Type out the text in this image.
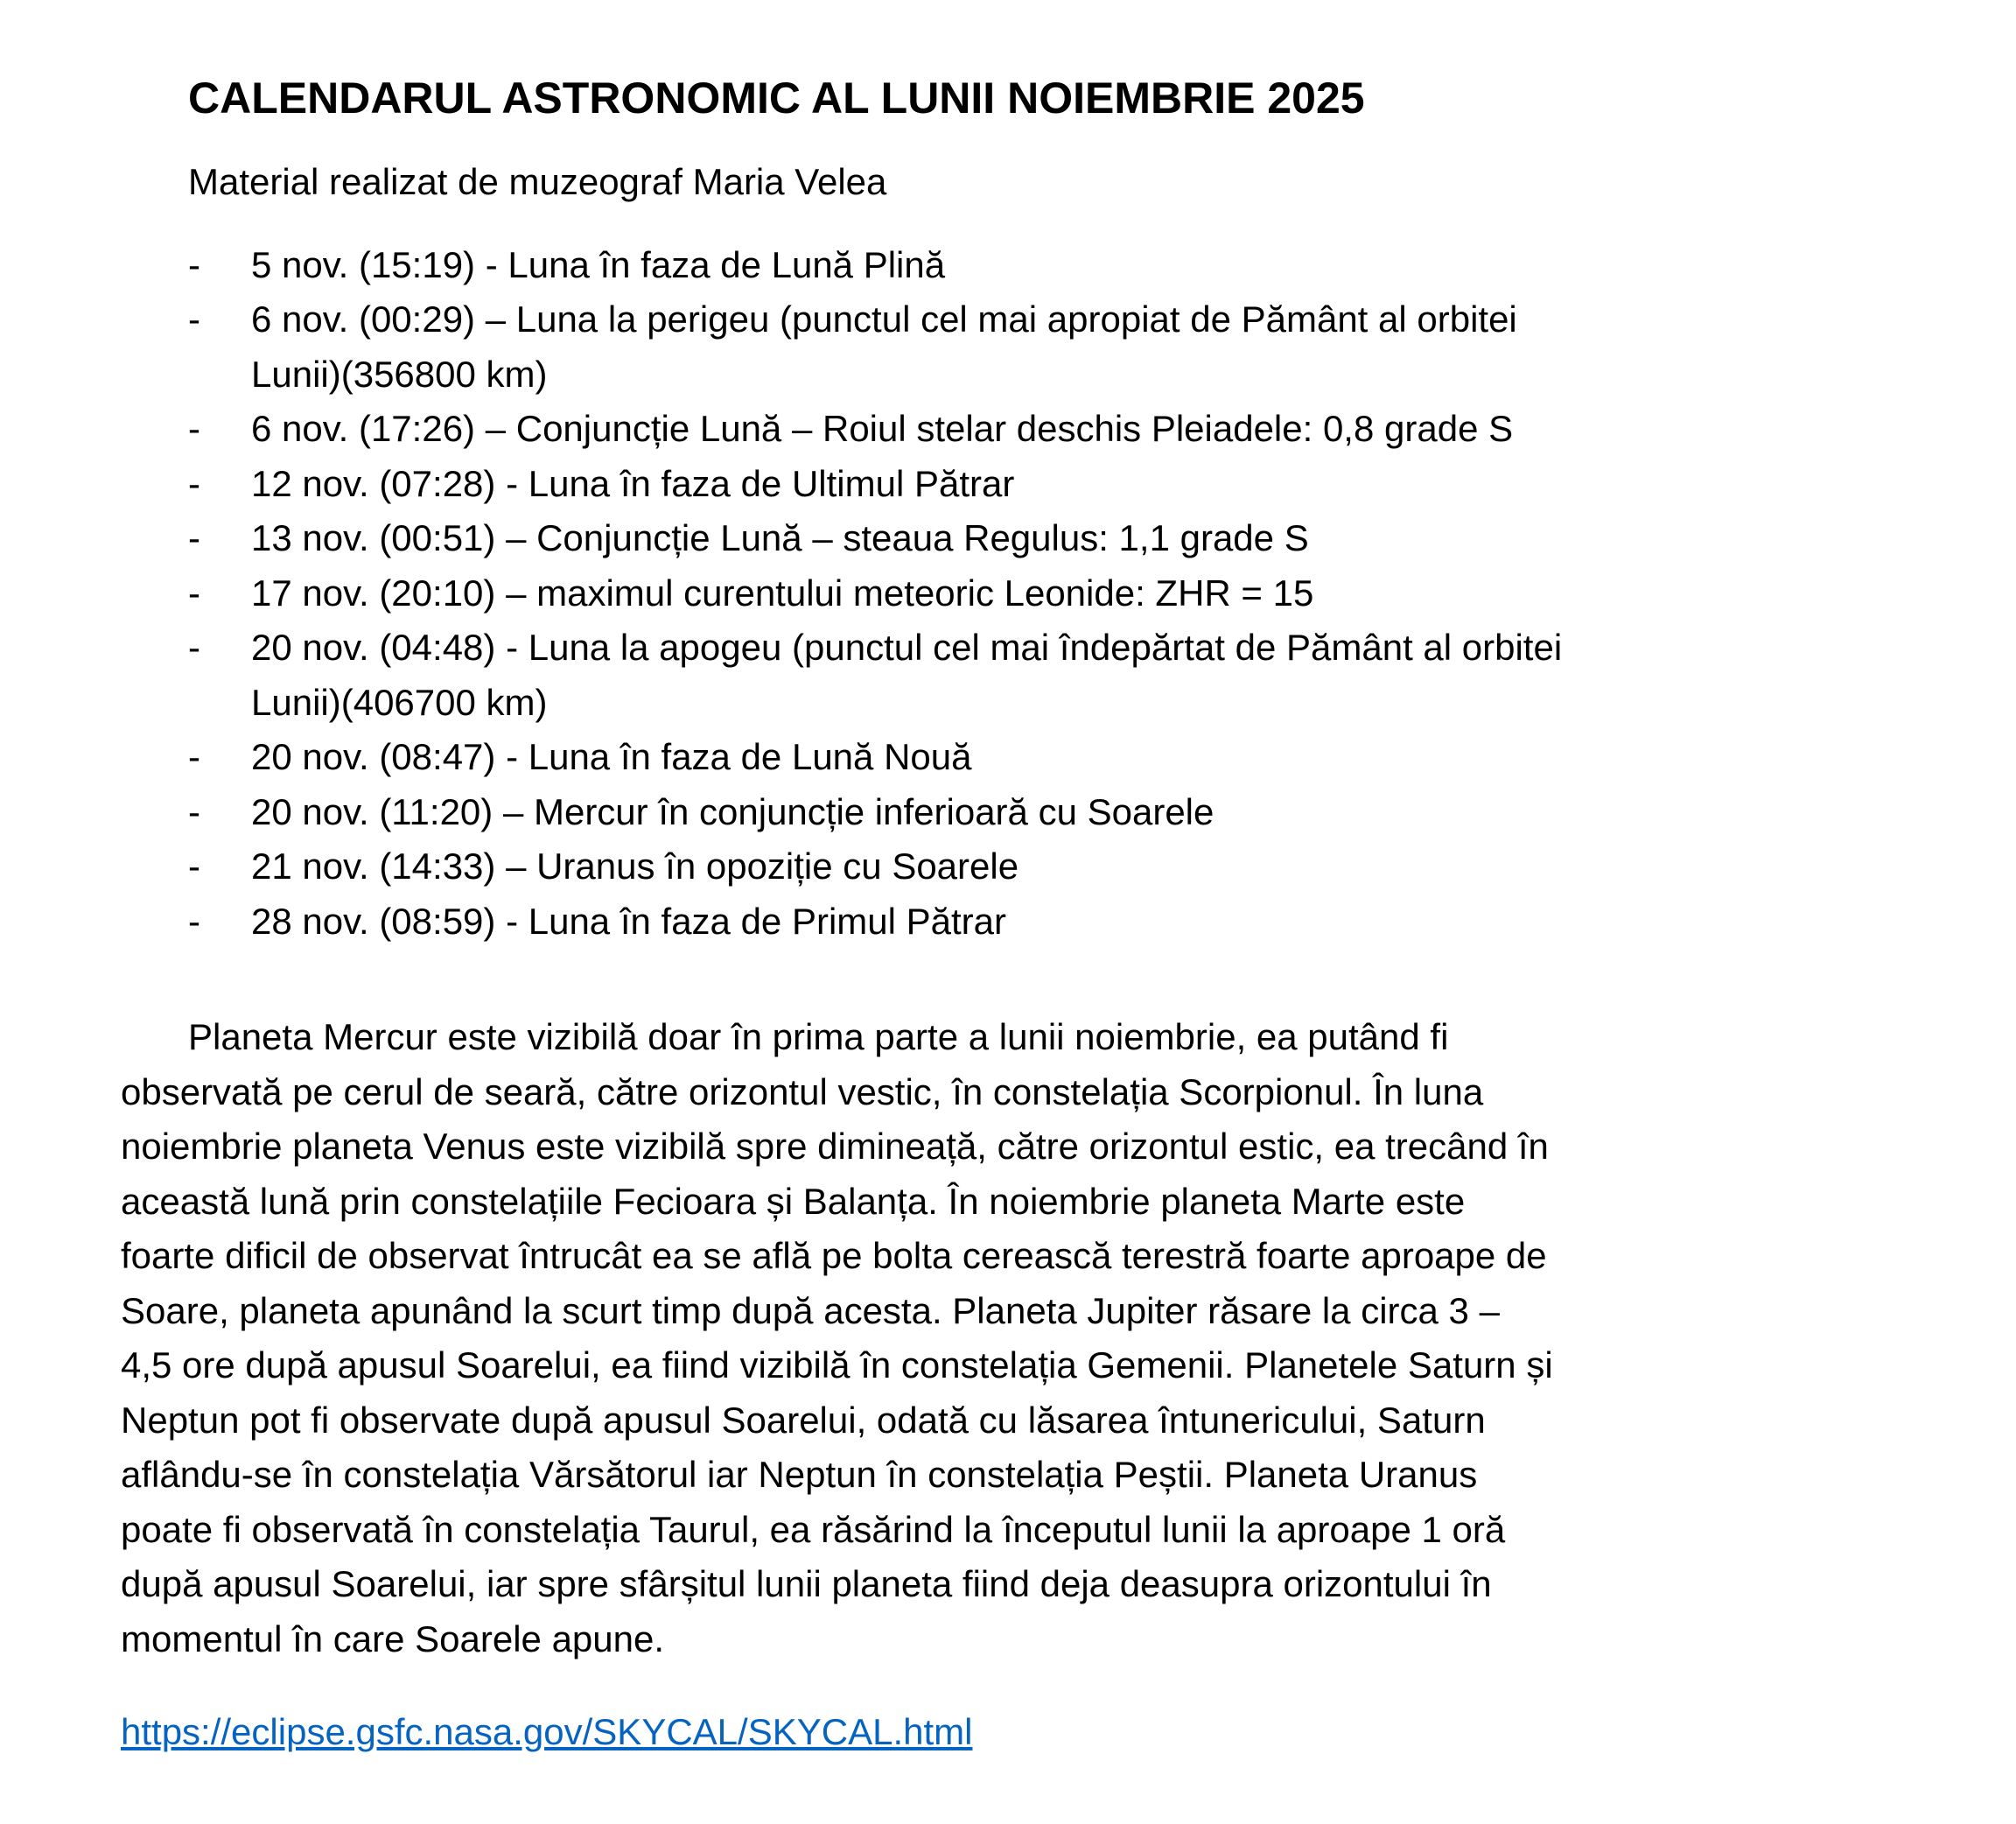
CALENDARUL ASTRONOMIC AL LUNII NOIEMBRIE 2025
Material realizat de muzeograf Maria Velea
- 5 nov. (15:19) - Luna în faza de Lună Plină
- 6 nov. (00:29) – Luna la perigeu (punctul cel mai apropiat de Pământ al orbitei
Lunii)(356800 km)
- 6 nov. (17:26) – Conjuncție Lună – Roiul stelar deschis Pleiadele: 0,8 grade S
- 12 nov. (07:28) - Luna în faza de Ultimul Pătrar
- 13 nov. (00:51) – Conjuncție Lună – steaua Regulus: 1,1 grade S
- 17 nov. (20:10) – maximul curentului meteoric Leonide: ZHR = 15
- 20 nov. (04:48) - Luna la apogeu (punctul cel mai îndepărtat de Pământ al orbitei
Lunii)(406700 km)
- 20 nov. (08:47) - Luna în faza de Lună Nouă
- 20 nov. (11:20) – Mercur în conjuncție inferioară cu Soarele
- 21 nov. (14:33) – Uranus în opoziție cu Soarele
- 28 nov. (08:59) - Luna în faza de Primul Pătrar
Planeta Mercur este vizibilă doar în prima parte a lunii noiembrie, ea putând fi
observată pe cerul de seară, către orizontul vestic, în constelația Scorpionul. În luna
noiembrie planeta Venus este vizibilă spre dimineață, către orizontul estic, ea trecând în
această lună prin constelațiile Fecioara și Balanța. În noiembrie planeta Marte este
foarte dificil de observat întrucât ea se află pe bolta cerească terestră foarte aproape de
Soare, planeta apunând la scurt timp după acesta. Planeta Jupiter răsare la circa 3 –
4,5 ore după apusul Soarelui, ea fiind vizibilă în constelația Gemenii. Planetele Saturn și
Neptun pot fi observate după apusul Soarelui, odată cu lăsarea întunericului, Saturn
aflându-se în constelația Vărsătorul iar Neptun în constelația Peștii. Planeta Uranus
poate fi observată în constelația Taurul, ea răsărind la începutul lunii la aproape 1 oră
după apusul Soarelui, iar spre sfârșitul lunii planeta fiind deja deasupra orizontului în
momentul în care Soarele apune.
https://eclipse.gsfc.nasa.gov/SKYCAL/SKYCAL.html
